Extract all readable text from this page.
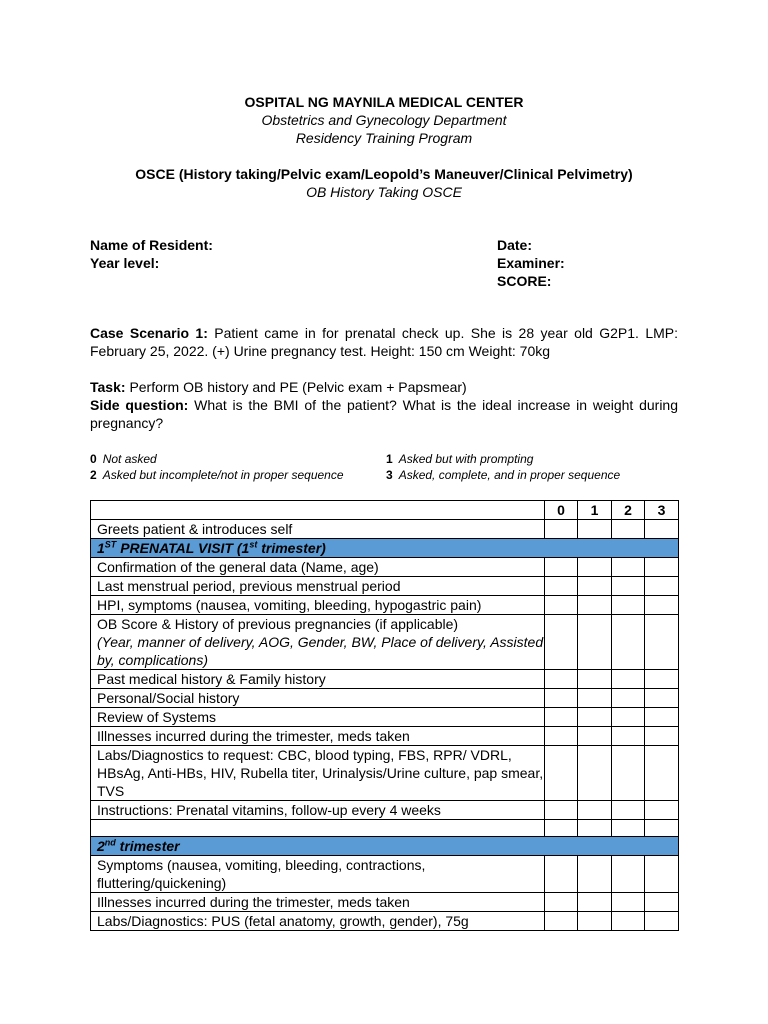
OSPITAL NG MAYNILA MEDICAL CENTER
Obstetrics and Gynecology Department
Residency Training Program
OSCE (History taking/Pelvic exam/Leopold’s Maneuver/Clinical Pelvimetry)
OB History Taking OSCE
Name of Resident:
Year level:
Date:
Examiner:
SCORE:
Case Scenario 1: Patient came in for prenatal check up. She is 28 year old G2P1. LMP: February 25, 2022. (+) Urine pregnancy test. Height: 150 cm Weight: 70kg
Task: Perform OB history and PE (Pelvic exam + Papsmear)
Side question: What is the BMI of the patient? What is the ideal increase in weight during pregnancy?
0 Not asked	1 Asked but with prompting
2 Asked but incomplete/not in proper sequence	3 Asked, complete, and in proper sequence
	0	1	2	3
Greets patient & introduces self				
1ST PRENATAL VISIT (1st trimester)				
Confirmation of the general data (Name, age)				
Last menstrual period, previous menstrual period				
HPI, symptoms (nausea, vomiting, bleeding, hypogastric pain)				

OB Score & History of previous pregnancies (if applicable)
(Year, manner of delivery, AOG, Gender, BW, Place of delivery, Assisted by, complications)				

Past medical history & Family history				
Personal/Social history				
Review of Systems				
Illnesses incurred during the trimester, meds taken				
Labs/Diagnostics to request: CBC, blood typing, FBS, RPR/ VDRL, HBsAg, Anti-HBs, HIV, Rubella titer, Urinalysis/Urine culture, pap smear, TVS				
Instructions: Prenatal vitamins, follow-up every 4 weeks				

2nd trimester				
Symptoms (nausea, vomiting, bleeding, contractions, fluttering/quickening)				
Illnesses incurred during the trimester, meds taken				
Labs/Diagnostics: PUS (fetal anatomy, growth, gender), 75g				
